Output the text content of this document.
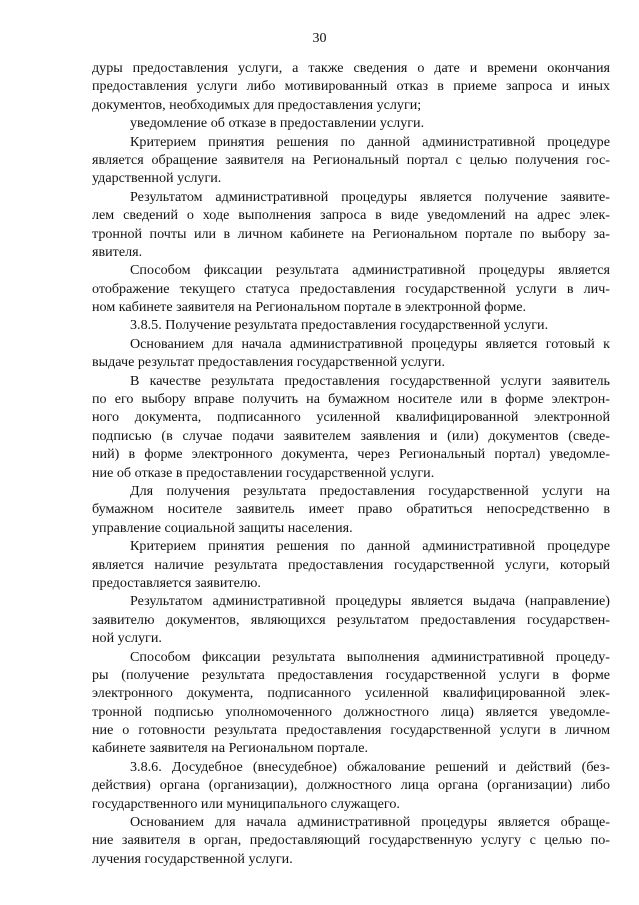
30
дуры предоставления услуги, а также сведения о дате и времени окончания
предоставления услуги либо мотивированный отказ в приеме запроса и иных
документов, необходимых для предоставления услуги;
уведомление об отказе в предоставлении услуги.
Критерием принятия решения по данной административной процедуре
является обращение заявителя на Региональный портал с целью получения гос-
ударственной услуги.
Результатом административной процедуры является получение заявите-
лем сведений о ходе выполнения запроса в виде уведомлений на адрес элек-
тронной почты или в личном кабинете на Региональном портале по выбору за-
явителя.
Способом фиксации результата административной процедуры является
отображение текущего статуса предоставления государственной услуги в лич-
ном кабинете заявителя на Региональном портале в электронной форме.
3.8.5. Получение результата предоставления государственной услуги.
Основанием для начала административной процедуры является готовый к
выдаче результат предоставления государственной услуги.
В качестве результата предоставления государственной услуги заявитель
по его выбору вправе получить на бумажном носителе или в форме электрон-
ного документа, подписанного усиленной квалифицированной электронной
подписью (в случае подачи заявителем заявления и (или) документов (сведе-
ний) в форме электронного документа, через Региональный портал) уведомле-
ние об отказе в предоставлении государственной услуги.
Для получения результата предоставления государственной услуги на
бумажном носителе заявитель имеет право обратиться непосредственно в
управление социальной защиты населения.
Критерием принятия решения по данной административной процедуре
является наличие результата предоставления государственной услуги, который
предоставляется заявителю.
Результатом административной процедуры является выдача (направление)
заявителю документов, являющихся результатом предоставления государствен-
ной услуги.
Способом фиксации результата выполнения административной процеду-
ры (получение результата предоставления государственной услуги в форме
электронного документа, подписанного усиленной квалифицированной элек-
тронной подписью уполномоченного должностного лица) является уведомле-
ние о готовности результата предоставления государственной услуги в личном
кабинете заявителя на Региональном портале.
3.8.6. Досудебное (внесудебное) обжалование решений и действий (без-
действия) органа (организации), должностного лица органа (организации) либо
государственного или муниципального служащего.
Основанием для начала административной процедуры является обраще-
ние заявителя в орган, предоставляющий государственную услугу с целью по-
лучения государственной услуги.
